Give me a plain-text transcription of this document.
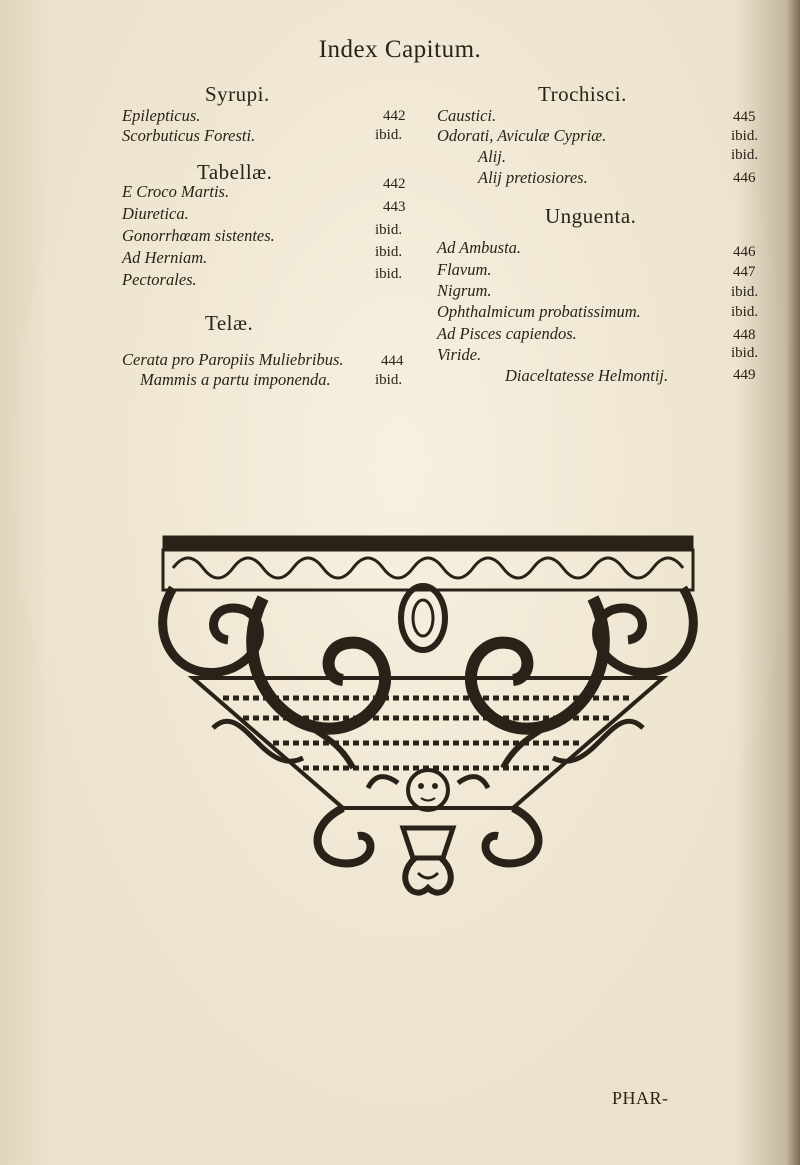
Index Capitum.
Syrupi.
Epilepticus.	442
Scorbuticus Foresti.	ibid.
Tabellæ.
E Croco Martis.	442
Diuretica.	443
Gonorrhœam sistentes.	ibid.
Ad Herniam.	ibid.
Pectorales.	ibid.
Telæ.
Cerata pro Paropiis Muliebribus. 444
Mammis a partu imponenda.	ibid.
Trochisci.
Caustici.	445
Odorati, Aviculæ Cypriæ.	ibid.
Alij.	ibid.
Alij pretiosiores.	446
Unguenta.
Ad Ambusta.	446
Flavum.	447
Nigrum.	ibid.
Ophthalmicum probatissimum.	ibid.
Ad Pisces capiendos.	448
Viride.	ibid.
Diaceltatesse Helmontij.	449
PHAR-
